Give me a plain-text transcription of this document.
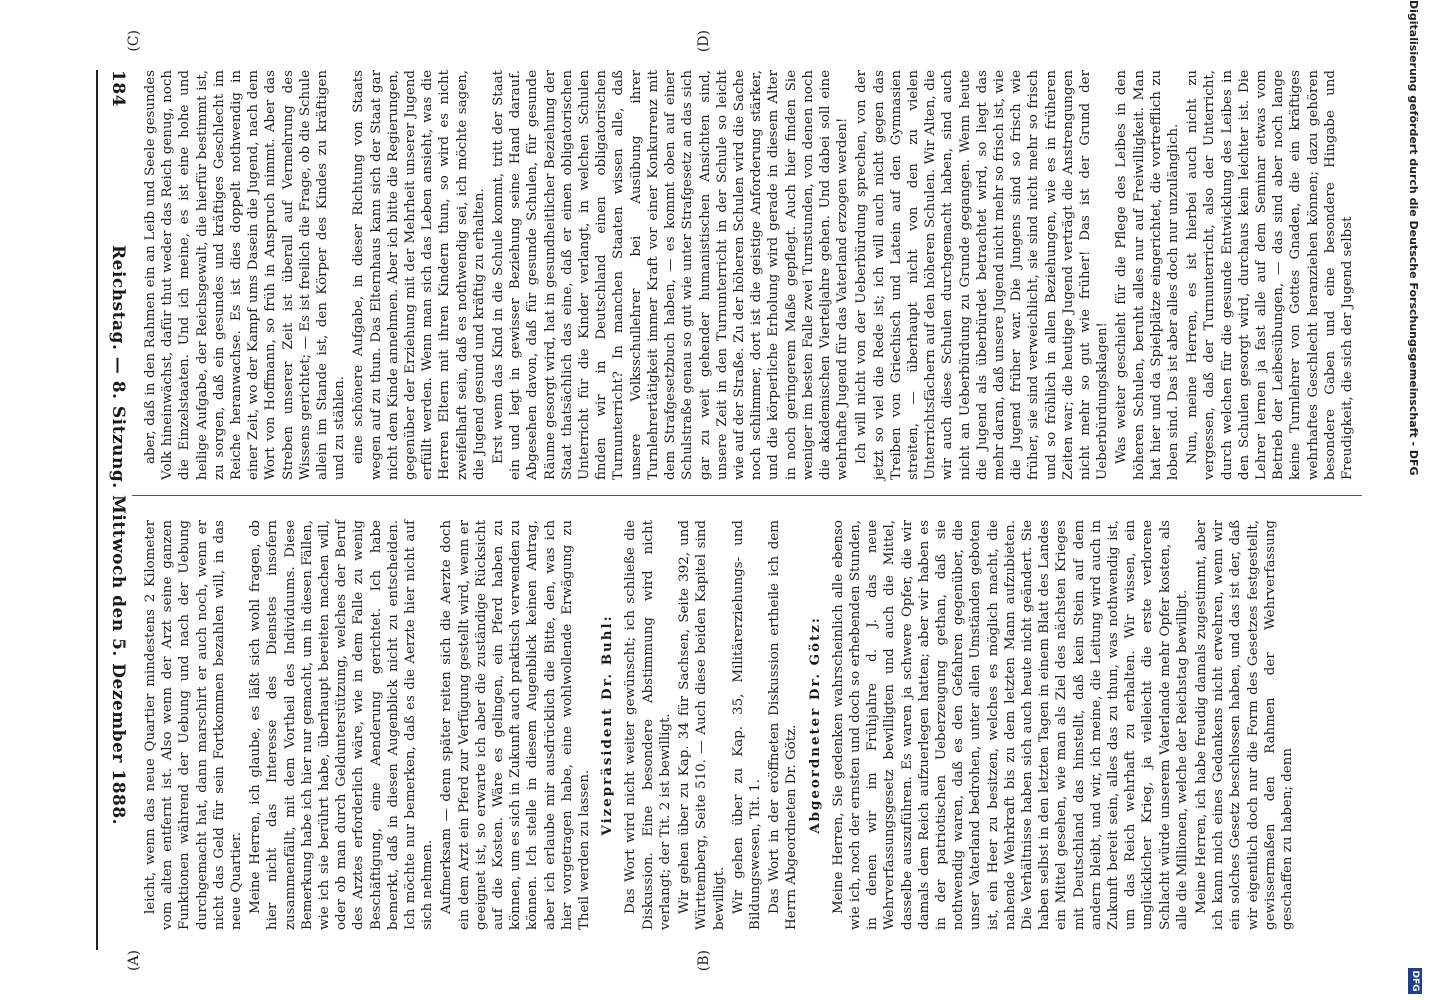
Digitalisierung gefördert durch die Deutsche Forschungsgemeinschaft - DFG
DFG
184
Reichstag. — 8. Sitzung. Mittwoch den 5. Dezember 1888.
(A)	(B)
(C)	(D)

leicht, wenn das neue Quartier mindestens 2 Kilometer vom alten entfernt ist. Also wenn der Arzt seine ganzen Funktionen während der Uebung und nach der Uebung durchgemacht hat, dann marschirt er auch noch, wenn er nicht das Geld für sein Fortkommen bezahlen will, in das neue Quartier. Meine Herren, ich glaube, es läßt sich wohl fragen, ob hier nicht das Interesse des Dienstes insofern zusammenfällt, mit dem Vortheil des Individuums. Diese Bemerkung habe ich hier nur gemacht, um in diesen Fällen, wie ich sie berührt habe, überhaupt bereiten machen will, oder ob man durch Geldunterstützung, welches der Beruf des Arztes erforderlich wäre, wie in dem Falle zu wenig Beschäftigung, eine Aenderung gerichtet. Ich habe bemerkt, daß in diesen Augenblick nicht zu entscheiden. Ich möchte nur bemerken, daß es die Aerzte hier nicht auf sich nehmen. Aufmerksam — denn später reiten sich die Aerzte doch ein dem Arzt ein Pferd zur Verfügung gestellt wird, wenn er geeignet ist, so erwarte ich aber die zuständige Rücksicht auf die Kosten. Wäre es gelingen, ein Pferd haben zu können, um es sich in Zukunft auch praktisch verwenden zu können. Ich stelle in diesem Augenblick keinen Antrag, aber ich erlaube mir ausdrücklich die Bitte, den, was ich hier vorgetragen habe, eine wohlwollende Erwägung zu Theil werden zu lassen.

Vizepräsident Dr. Buhl: Das Wort wird nicht weiter gewünscht; ich schließe die Diskussion. Eine besondere Abstimmung wird nicht verlangt; der Tit. 2 ist bewilligt. Wir gehen über zu Kap. 34 für Sachsen, Seite 392, und Württemberg, Seite 510. — Auch diese beiden Kapitel sind bewilligt. Wir gehen über zu Kap. 35, Militärerziehungs- und Bildungswesen, Tit. 1. Das Wort in der eröffneten Diskussion ertheile ich dem Herrn Abgeordneten Dr. Götz. Abgeordneter Dr. Götz: Meine Herren, Sie gedenken wahrscheinlich alle ebenso wie ich, noch der ernsten und doch so erhebenden Stunden, in denen wir im Frühjahre d. J. das neue Wehrverfassungsgesetz bewilligten und auch die Mittel, dasselbe auszuführen. Es waren ja schwere Opfer, die wir damals dem Reich aufzuerlegen hatten; aber wir haben es in der patriotischen Ueberzeugung gethan, daß sie nothwendig waren, daß es den Gefahren gegenüber, die unser Vaterland bedrohen, unter allen Umständen geboten ist, ein Heer zu besitzen, welches es möglich macht, die nahende Wehrkraft bis zu dem letzten Mann aufzubieten. Die Verhältnisse haben sich auch heute nicht geändert. Sie haben selbst in den letzten Tagen in einem Blatt des Landes ein Mittel gesehen, wie man als Ziel des nächsten Krieges mit Deutschland das hinstellt, daß kein Stein auf dem andern bleibt, und wir, ich meine, die Leitung wird auch in Zukunft bereit sein, alles das zu thun, was nothwendig ist, um das Reich wehrhaft zu erhalten. Wir wissen, ein unglücklicher Krieg, ja vielleicht die erste verlorene Schlacht würde unserem Vaterlande mehr Opfer kosten, als alle die Millionen, welche der Reichstag bewilligt. Meine Herren, ich habe freudig damals zugestimmt, aber ich kann mich eines Gedankens nicht erwehren, wenn wir ein solches Gesetz beschlossen haben, und das ist der, daß wir eigentlich doch nur die Form des Gesetzes festgestellt, gewissermaßen den Rahmen der Wehrverfassung geschaffen zu haben; denn

aber, daß in den Rahmen ein an Leib und Seele gesundes Volk hineinwächst, dafür thut weder das Reich genug, noch die Einzelstaaten. Und ich meine, es ist eine hohe und heilige Aufgabe, der Reichsgewalt, die hierfür bestimmt ist, zu sorgen, daß ein gesundes und kräftiges Geschlecht im Reiche heranwachse. Es ist dies doppelt nothwendig in einer Zeit, wo der Kampf ums Dasein die Jugend, nach dem Wort von Hoffmann, so früh in Anspruch nimmt. Aber das Streben unserer Zeit ist überall auf Vermehrung des Wissens gerichtet; — Es ist freilich die Frage, ob die Schule allein im Stande ist, den Körper des Kindes zu kräftigen und zu stählen. eine schönere Aufgabe, in dieser Richtung von Staats wegen auf zu thun. Das Elternhaus kann sich der Staat gar nicht dem Kinde annehmen. Aber ich bitte die Regierungen, gegenüber der Erziehung mit der Mehrheit unserer Jugend erfüllt werden. Wenn man sich das Leben ansieht, was die Herren Eltern mit ihren Kindern thun, so wird es nicht zweifelhaft sein, daß es nothwendig sei, ich möchte sagen, die Jugend gesund und kräftig zu erhalten. Erst wenn das Kind in die Schule kommt, tritt der Staat ein und legt in gewisser Beziehung seine Hand darauf. Abgesehen davon, daß für gesunde Schulen, für gesunde Räume gesorgt wird, hat in gesundheitlicher Beziehung der Staat thatsächlich das eine, daß er einen obligatorischen Unterricht für die Kinder verlangt, in welchen Schulen finden wir in Deutschland einen obligatorischen Turnunterricht? In manchen Staaten wissen alle, daß unsere Volksschullehrer bei Ausübung ihrer Turnlehrertätigkeit immer Kraft vor einer Konkurrenz mit dem Strafgesetzbuch haben, — es kommt oben auf einer Schulstraße genau so gut wie unter Strafgesetz an das sich gar zu weit gehender humanistischen Ansichten sind, unsere Zeit in den Turnunterricht in der Schule so leicht wie auf der Straße. Zu der höheren Schulen wird die Sache noch schlimmer, dort ist die geistige Anforderung stärker, und die körperliche Erholung wird gerade in diesem Alter in noch geringerem Maße gepflegt. Auch hier finden Sie weniger im besten Falle zwei Turnstunden, von denen noch die akademischen Vierteljahre gehen. Und dabei soll eine wehrhafte Jugend für das Vaterland erzogen werden! Ich will nicht von der Ueberbürdung sprechen, von der jetzt so viel die Rede ist; ich will auch nicht gegen das Treiben von Griechisch und Latein auf den Gymnasien streiten, — überhaupt nicht von den zu vielen Unterrichtsfächern auf den höheren Schulen. Wir Alten, die wir auch diese Schulen durchgemacht haben, sind auch nicht an Ueberbürdung zu Grunde gegangen. Wenn heute die Jugend als überbürdet betrachtet wird, so liegt das mehr daran, daß unsere Jugend nicht mehr so frisch ist, wie die Jugend früher war. Die Jungens sind so frisch wie früher, sie sind verweichlicht, sie sind nicht mehr so frisch und so fröhlich in allen Beziehungen, wie es in früheren Zeiten war; die heutige Jugend verträgt die Anstrengungen nicht mehr so gut wie früher! Das ist der Grund der Ueberbürdungsklagen! Was weiter geschieht für die Pflege des Leibes in den höheren Schulen, beruht alles nur auf Freiwilligkeit. Man hat hier und da Spielplätze eingerichtet, die vortrefflich zu loben sind. Das ist aber alles doch nur unzulänglich. Nun, meine Herren, es ist hierbei auch nicht zu vergessen, daß der Turnunterricht, also der Unterricht, durch welchen für die gesunde Entwicklung des Leibes in den Schulen gesorgt wird, durchaus kein leichter ist. Die Lehrer lernen ja fast alle auf dem Seminar etwas vom Betrieb der Leibesübungen, — das sind aber noch lange keine Turnlehrer von Gottes Gnaden, die ein kräftiges wehrhaftes Geschlecht heranziehen können; dazu gehören besondere Gaben und eine besondere Hingabe und Freudigkeit, die sich der Jugend selbst
